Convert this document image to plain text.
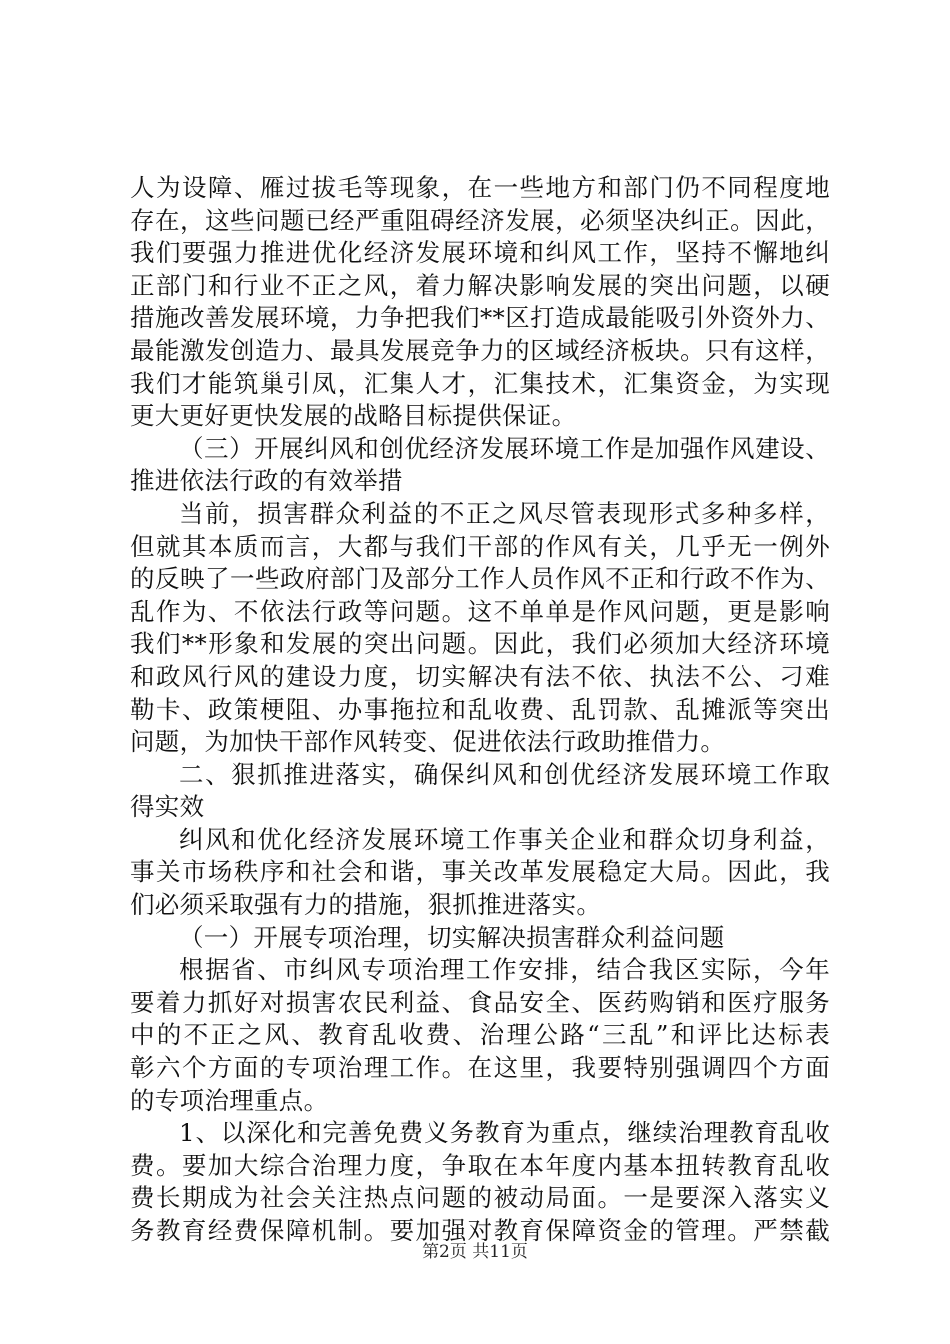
人为设障、雁过拔毛等现象，在一些地方和部门仍不同程度地
存在，这些问题已经严重阻碍经济发展，必须坚决纠正。因此，
我们要强力推进优化经济发展环境和纠风工作，坚持不懈地纠
正部门和行业不正之风，着力解决影响发展的突出问题，以硬
措施改善发展环境，力争把我们**区打造成最能吸引外资外力、
最能激发创造力、最具发展竞争力的区域经济板块。只有这样，
我们才能筑巢引凤，汇集人才，汇集技术，汇集资金，为实现
更大更好更快发展的战略目标提供保证。
（三）开展纠风和创优经济发展环境工作是加强作风建设、
推进依法行政的有效举措
当前，损害群众利益的不正之风尽管表现形式多种多样，
但就其本质而言，大都与我们干部的作风有关，几乎无一例外
的反映了一些政府部门及部分工作人员作风不正和行政不作为、
乱作为、不依法行政等问题。这不单单是作风问题，更是影响
我们**形象和发展的突出问题。因此，我们必须加大经济环境
和政风行风的建设力度，切实解决有法不依、执法不公、刁难
勒卡、政策梗阻、办事拖拉和乱收费、乱罚款、乱摊派等突出
问题，为加快干部作风转变、促进依法行政助推借力。
二、狠抓推进落实，确保纠风和创优经济发展环境工作取
得实效
纠风和优化经济发展环境工作事关企业和群众切身利益，
事关市场秩序和社会和谐，事关改革发展稳定大局。因此，我
们必须采取强有力的措施，狠抓推进落实。
（一）开展专项治理，切实解决损害群众利益问题
根据省、市纠风专项治理工作安排，结合我区实际，今年
要着力抓好对损害农民利益、食品安全、医药购销和医疗服务
中的不正之风、教育乱收费、治理公路“三乱”和评比达标表
彰六个方面的专项治理工作。在这里，我要特别强调四个方面
的专项治理重点。
1、以深化和完善免费义务教育为重点，继续治理教育乱收
费。要加大综合治理力度，争取在本年度内基本扭转教育乱收
费长期成为社会关注热点问题的被动局面。一是要深入落实义
务教育经费保障机制。要加强对教育保障资金的管理。严禁截
第2页 共11页
